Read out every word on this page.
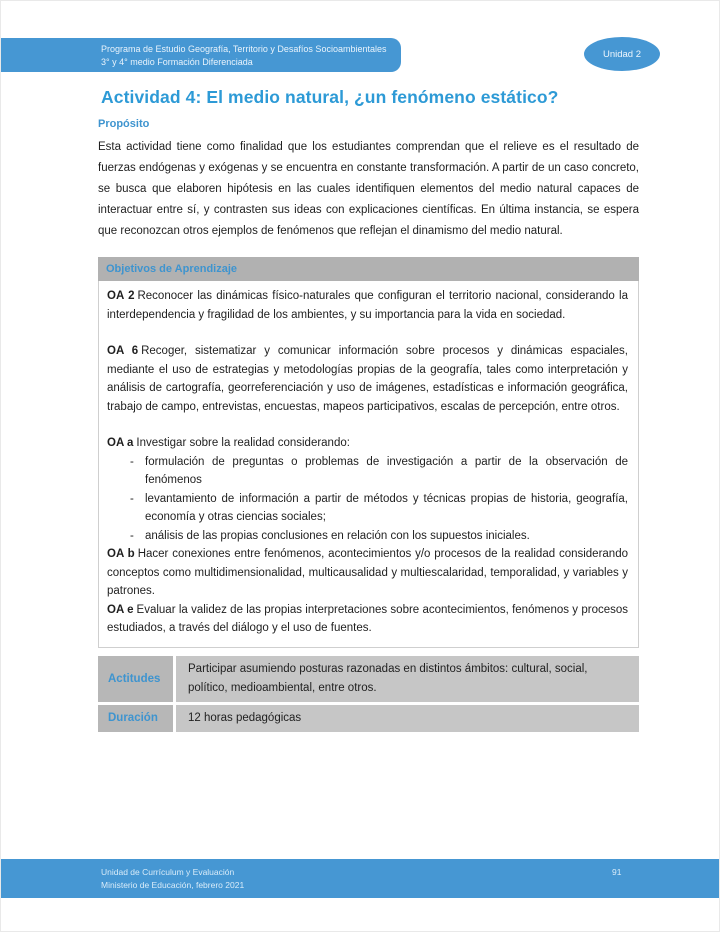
Programa de Estudio Geografía, Territorio y Desafíos Socioambientales
3° y 4° medio Formación Diferenciada
Unidad 2
Actividad 4: El medio natural, ¿un fenómeno estático?
Propósito

Esta actividad tiene como finalidad que los estudiantes comprendan que el relieve es el resultado de fuerzas endógenas y exógenas y se encuentra en constante transformación. A partir de un caso concreto, se busca que elaboren hipótesis en las cuales identifiquen elementos del medio natural capaces de interactuar entre sí, y contrasten sus ideas con explicaciones científicas. En última instancia, se espera que reconozcan otros ejemplos de fenómenos que reflejan el dinamismo del medio natural.

Objetivos de Aprendizaje

OA 2 Reconocer las dinámicas físico-naturales que configuran el territorio nacional, considerando la interdependencia y fragilidad de los ambientes, y su importancia para la vida en sociedad.

OA 6 Recoger, sistematizar y comunicar información sobre procesos y dinámicas espaciales, mediante el uso de estrategias y metodologías propias de la geografía, tales como interpretación y análisis de cartografía, georreferenciación y uso de imágenes, estadísticas e información geográfica, trabajo de campo, entrevistas, encuestas, mapeos participativos, escalas de percepción, entre otros.

OA a Investigar sobre la realidad considerando:

- formulación de preguntas o problemas de investigación a partir de la observación de fenómenos
- levantamiento de información a partir de métodos y técnicas propias de historia, geografía, economía y otras ciencias sociales;
- análisis de las propias conclusiones en relación con los supuestos iniciales.

OA b Hacer conexiones entre fenómenos, acontecimientos y/o procesos de la realidad considerando conceptos como multidimensionalidad, multicausalidad y multiescalaridad, temporalidad, y variables y patrones.

OA e Evaluar la validez de las propias interpretaciones sobre acontecimientos, fenómenos y procesos estudiados, a través del diálogo y el uso de fuentes.

Actitudes
Participar asumiendo posturas razonadas en distintos ámbitos: cultural, social, político, medioambiental, entre otros.
Duración	12 horas pedagógicas
Unidad de Currículum y Evaluación
Ministerio de Educación, febrero 2021
91
